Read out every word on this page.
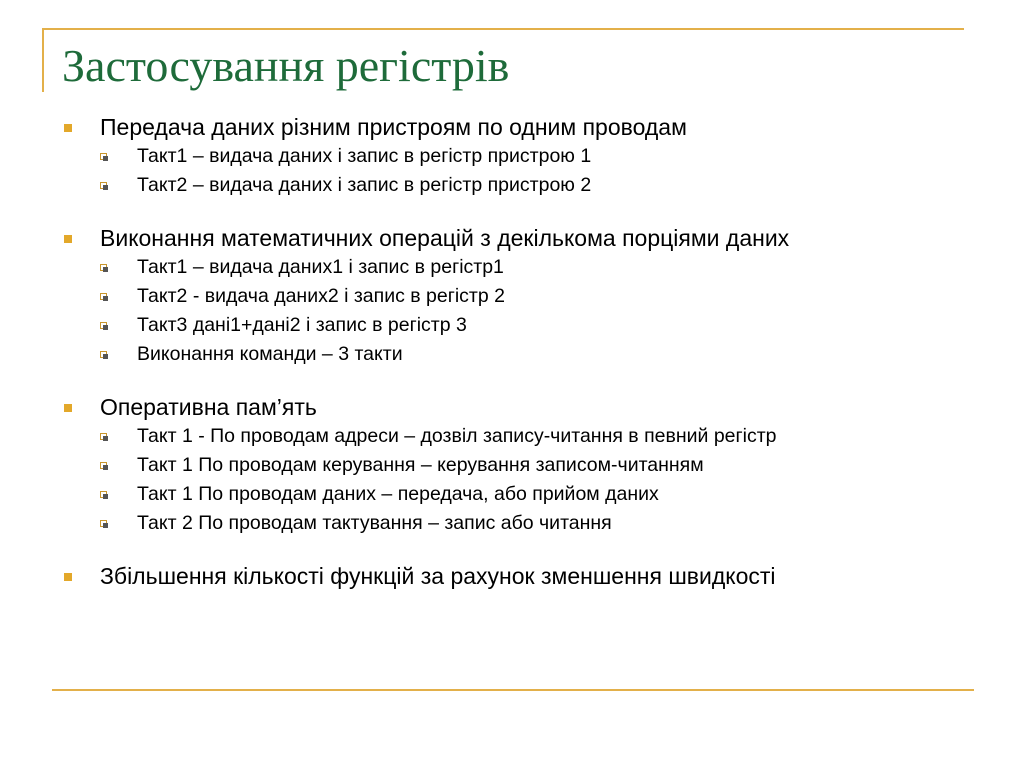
Застосування регістрів
Передача даних різним пристроям по одним проводам
Такт1 – видача даних і запис в регістр пристрою 1
Такт2 – видача даних і запис в регістр пристрою 2
Виконання математичних операцій з декількома порціями даних
Такт1 – видача даних1 і запис в регістр1
Такт2 - видача даних2 і запис в регістр 2
Такт3 дані1+дані2 і запис в регістр 3
Виконання команди – 3 такти
Оперативна пам’ять
Такт 1 - По проводам адреси – дозвіл запису-читання в певний регістр
Такт 1 По проводам керування – керування записом-читанням
Такт 1 По проводам даних – передача, або прийом даних
Такт 2 По проводам тактування – запис або читання
Збільшення кількості функцій за рахунок зменшення швидкості
